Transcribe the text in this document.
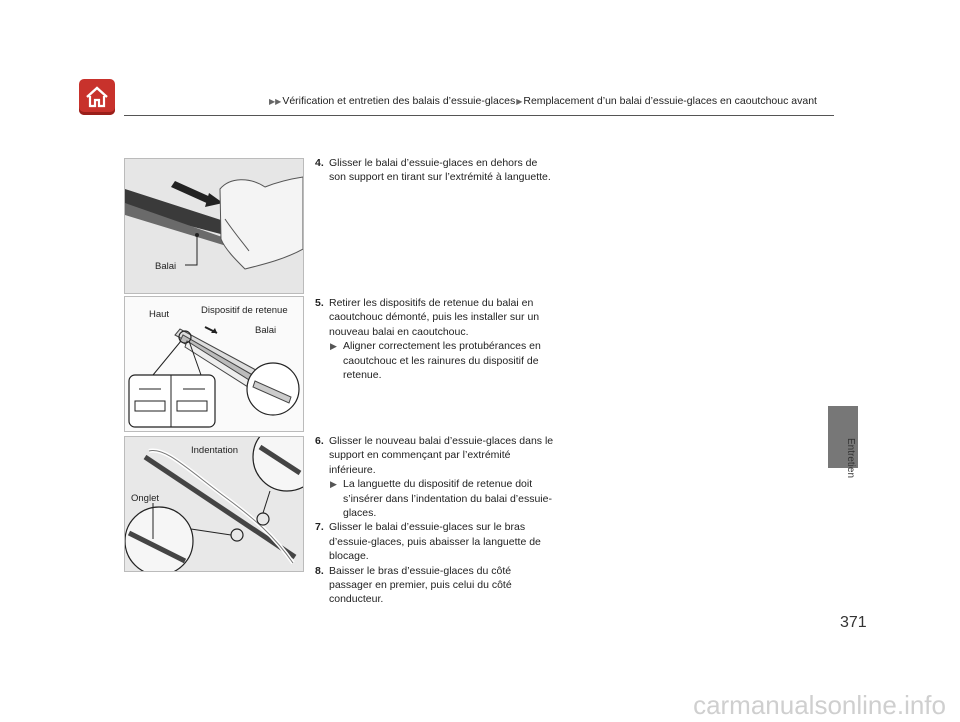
▶▶Vérification et entretien des balais d’essuie-glaces▶Remplacement d’un balai d’essuie-glaces en caoutchouc avant
Entretien
Balai
Haut	Dispositif de retenue
Balai
Indentation
Onglet
4. Glisser le balai d’essuie-glaces en dehors de son support en tirant sur l’extrémité à languette.
5. Retirer les dispositifs de retenue du balai en caoutchouc démonté, puis les installer sur un nouveau balai en caoutchouc.
▶ Aligner correctement les protubérances en caoutchouc et les rainures du dispositif de retenue.
6. Glisser le nouveau balai d’essuie-glaces dans le support en commençant par l’extrémité inférieure.
▶ La languette du dispositif de retenue doit s’insérer dans l’indentation du balai d’essuie-glaces.
7. Glisser le balai d’essuie-glaces sur le bras d’essuie-glaces, puis abaisser la languette de blocage.
8. Baisser le bras d’essuie-glaces du côté passager en premier, puis celui du côté conducteur.
371
carmanualsonline.info
